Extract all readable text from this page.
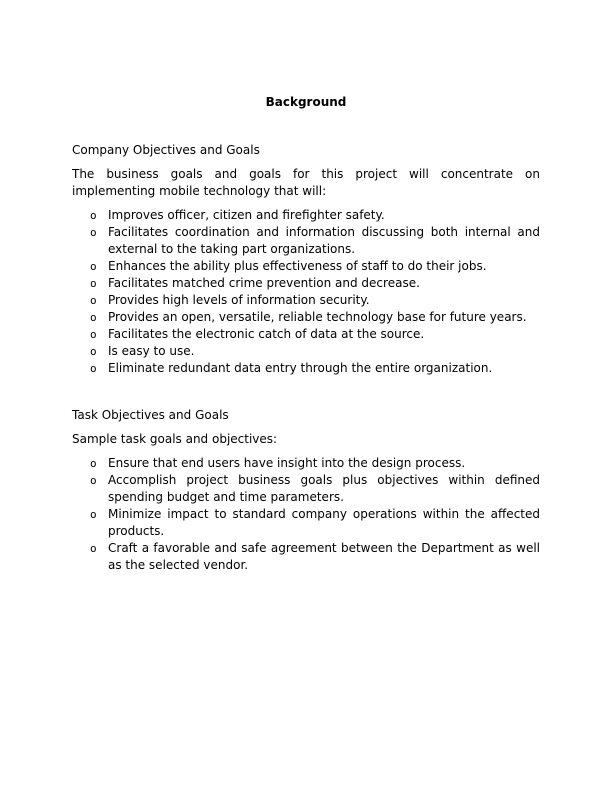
Background

Company Objectives and Goals

The business goals and goals for this project will concentrate on implementing mobile technology that will:

o Improves officer, citizen and firefighter safety.
o Facilitates coordination and information discussing both internal and external to the taking part organizations.
o Enhances the ability plus effectiveness of staff to do their jobs.
o Facilitates matched crime prevention and decrease.
o Provides high levels of information security.
o Provides an open, versatile, reliable technology base for future years.
o Facilitates the electronic catch of data at the source.
o Is easy to use.
o Eliminate redundant data entry through the entire organization.

Task Objectives and Goals

Sample task goals and objectives:

o Ensure that end users have insight into the design process.
o Accomplish project business goals plus objectives within defined spending budget and time parameters.
o Minimize impact to standard company operations within the affected products.
o Craft a favorable and safe agreement between the Department as well as the selected vendor.
